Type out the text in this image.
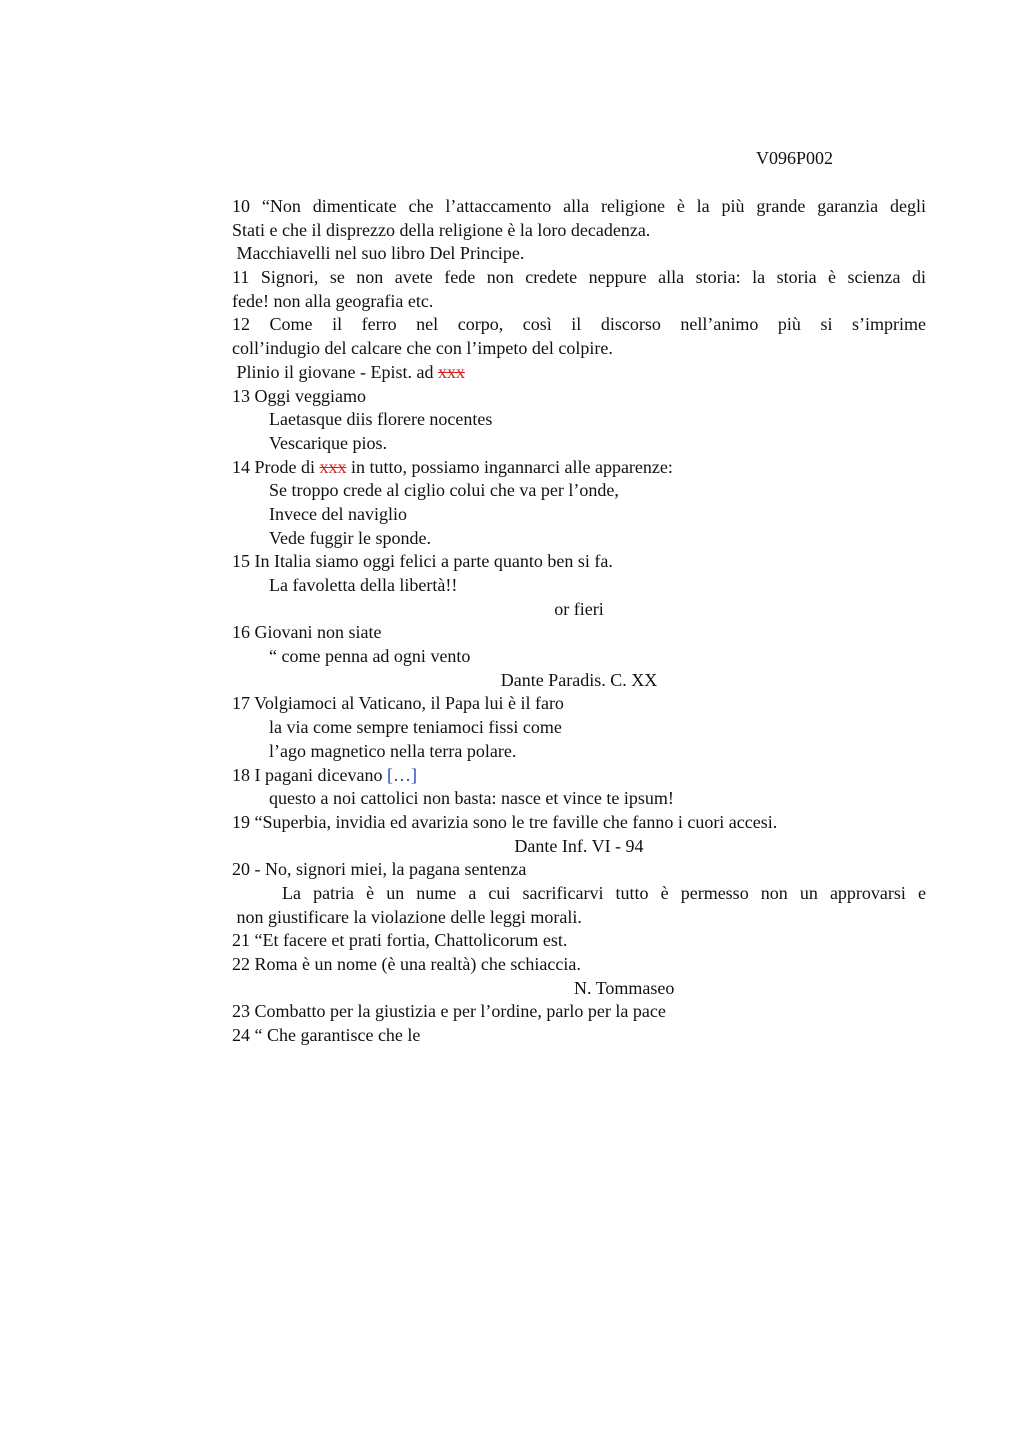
V096P002
10 “Non dimenticate che l’attaccamento alla religione è la più grande garanzia degli
Stati e che il disprezzo della religione è la loro decadenza.
Macchiavelli nel suo libro Del Principe.
11 Signori, se non avete fede non credete neppure alla storia: la storia è scienza di
fede! non alla geografia etc.
12 Come il ferro nel corpo, così il discorso nell’animo più si s’imprime
coll’indugio del calcare che con l’impeto del colpire.
Plinio il giovane - Epist. ad xxx
13 Oggi veggiamo
Laetasque diis florere nocentes
Vescarique pios.
14 Prode di xxx in tutto, possiamo ingannarci alle apparenze:
Se troppo crede al ciglio colui che va per l’onde,
Invece del naviglio
Vede fuggir le sponde.
15 In Italia siamo oggi felici a parte quanto ben si fa.
La favoletta della libertà!!
or fieri
16 Giovani non siate
“ come penna ad ogni vento
Dante Paradis. C. XX
17 Volgiamoci al Vaticano, il Papa lui è il faro
la via come sempre teniamoci fissi come
l’ago magnetico nella terra polare.
18 I pagani dicevano […]
questo a noi cattolici non basta: nasce et vince te ipsum!
19 “Superbia, invidia ed avarizia sono le tre faville che fanno i cuori accesi.
Dante Inf. VI - 94
20 - No, signori miei, la pagana sentenza
La patria è un nume a cui sacrificarvi tutto è permesso non un approvarsi e
non giustificare la violazione delle leggi morali.
21 “Et facere et prati fortia, Chattolicorum est.
22 Roma è un nome (è una realtà) che schiaccia.
N. Tommaseo
23 Combatto per la giustizia e per l’ordine, parlo per la pace
24 “ Che garantisce che le
